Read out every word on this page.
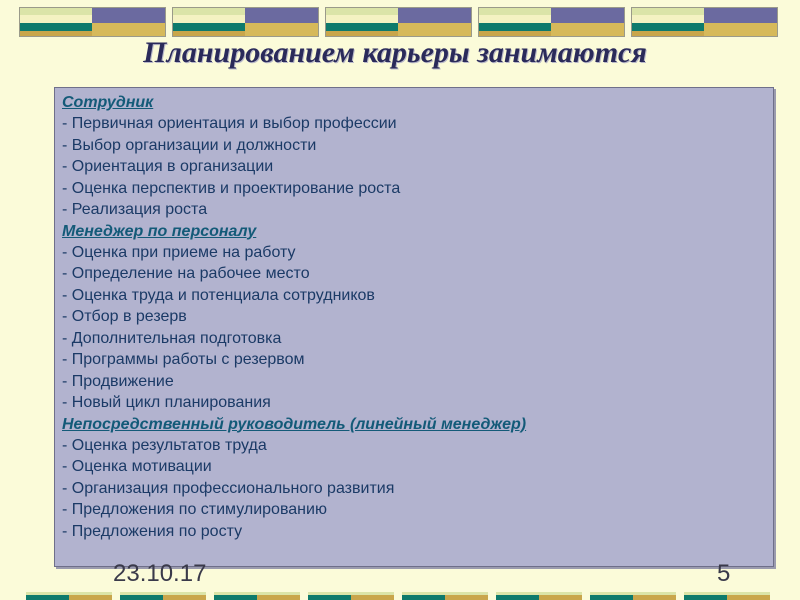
Планированием карьеры занимаются
Сотрудник
- Первичная ориентация и выбор профессии
- Выбор организации и должности
- Ориентация в организации
- Оценка перспектив и проектирование роста
- Реализация роста
Менеджер по персоналу
- Оценка при приеме на работу
- Определение на рабочее место
- Оценка труда и потенциала сотрудников
- Отбор в резерв
- Дополнительная подготовка
- Программы работы с резервом
- Продвижение
- Новый цикл планирования
Непосредственный руководитель (линейный менеджер)
- Оценка результатов труда
- Оценка мотивации
- Организация профессионального развития
- Предложения по стимулированию
- Предложения по росту
23.10.17	5
